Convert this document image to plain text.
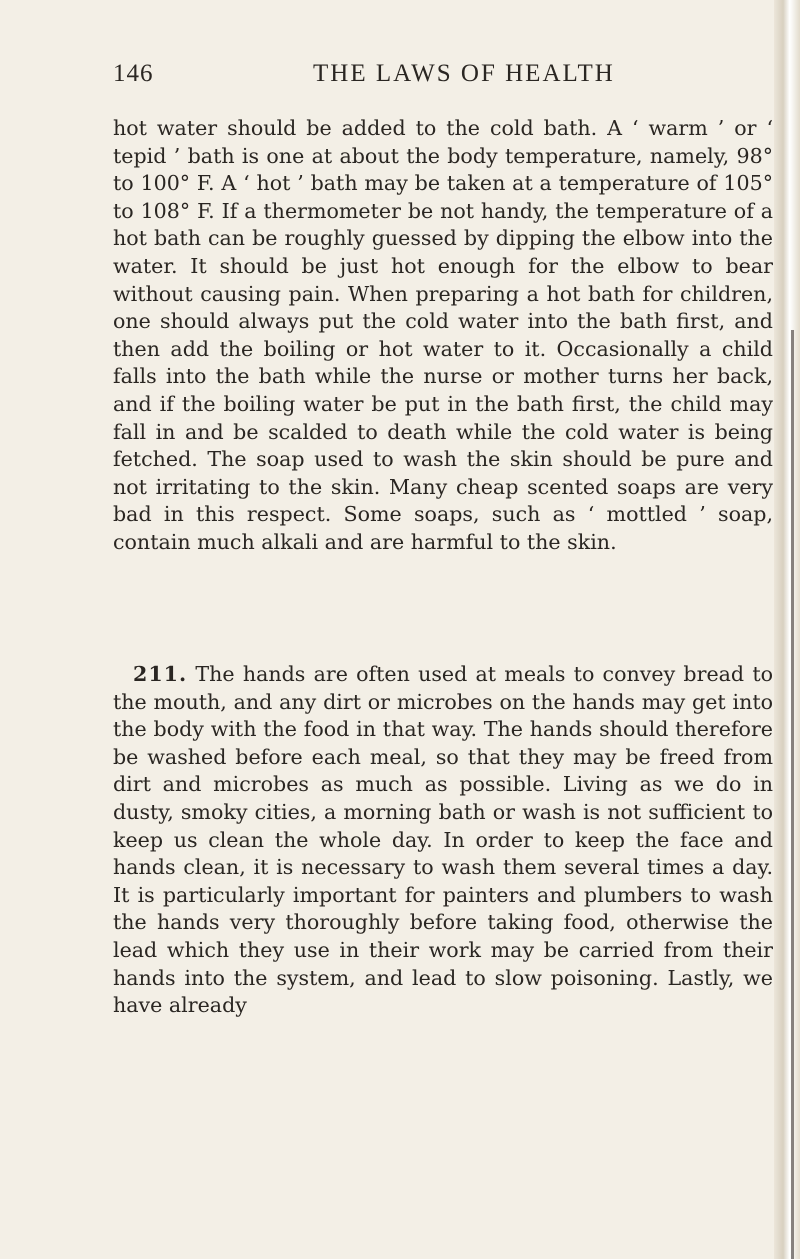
146	THE LAWS OF HEALTH

hot water should be added to the cold bath. A ‘ warm ’ or ‘ tepid ’ bath is one at about the body temperature, namely, 98° to 100° F. A ‘ hot ’ bath may be taken at a temperature of 105° to 108° F. If a thermometer be not handy, the temperature of a hot bath can be roughly guessed by dipping the elbow into the water. It should be just hot enough for the elbow to bear without causing pain. When preparing a hot bath for children, one should always put the cold water into the bath first, and then add the boiling or hot water to it. Occasionally a child falls into the bath while the nurse or mother turns her back, and if the boiling water be put in the bath first, the child may fall in and be scalded to death while the cold water is being fetched. The soap used to wash the skin should be pure and not irritating to the skin. Many cheap scented soaps are very bad in this respect. Some soaps, such as ‘ mottled ’ soap, contain much alkali and are harmful to the skin.

211. The hands are often used at meals to convey bread to the mouth, and any dirt or microbes on the hands may get into the body with the food in that way. The hands should therefore be washed before each meal, so that they may be freed from dirt and microbes as much as possible. Living as we do in dusty, smoky cities, a morning bath or wash is not sufficient to keep us clean the whole day. In order to keep the face and hands clean, it is necessary to wash them several times a day. It is particularly important for painters and plumbers to wash the hands very thoroughly before taking food, otherwise the lead which they use in their work may be carried from their hands into the system, and lead to slow poisoning. Lastly, we have already
